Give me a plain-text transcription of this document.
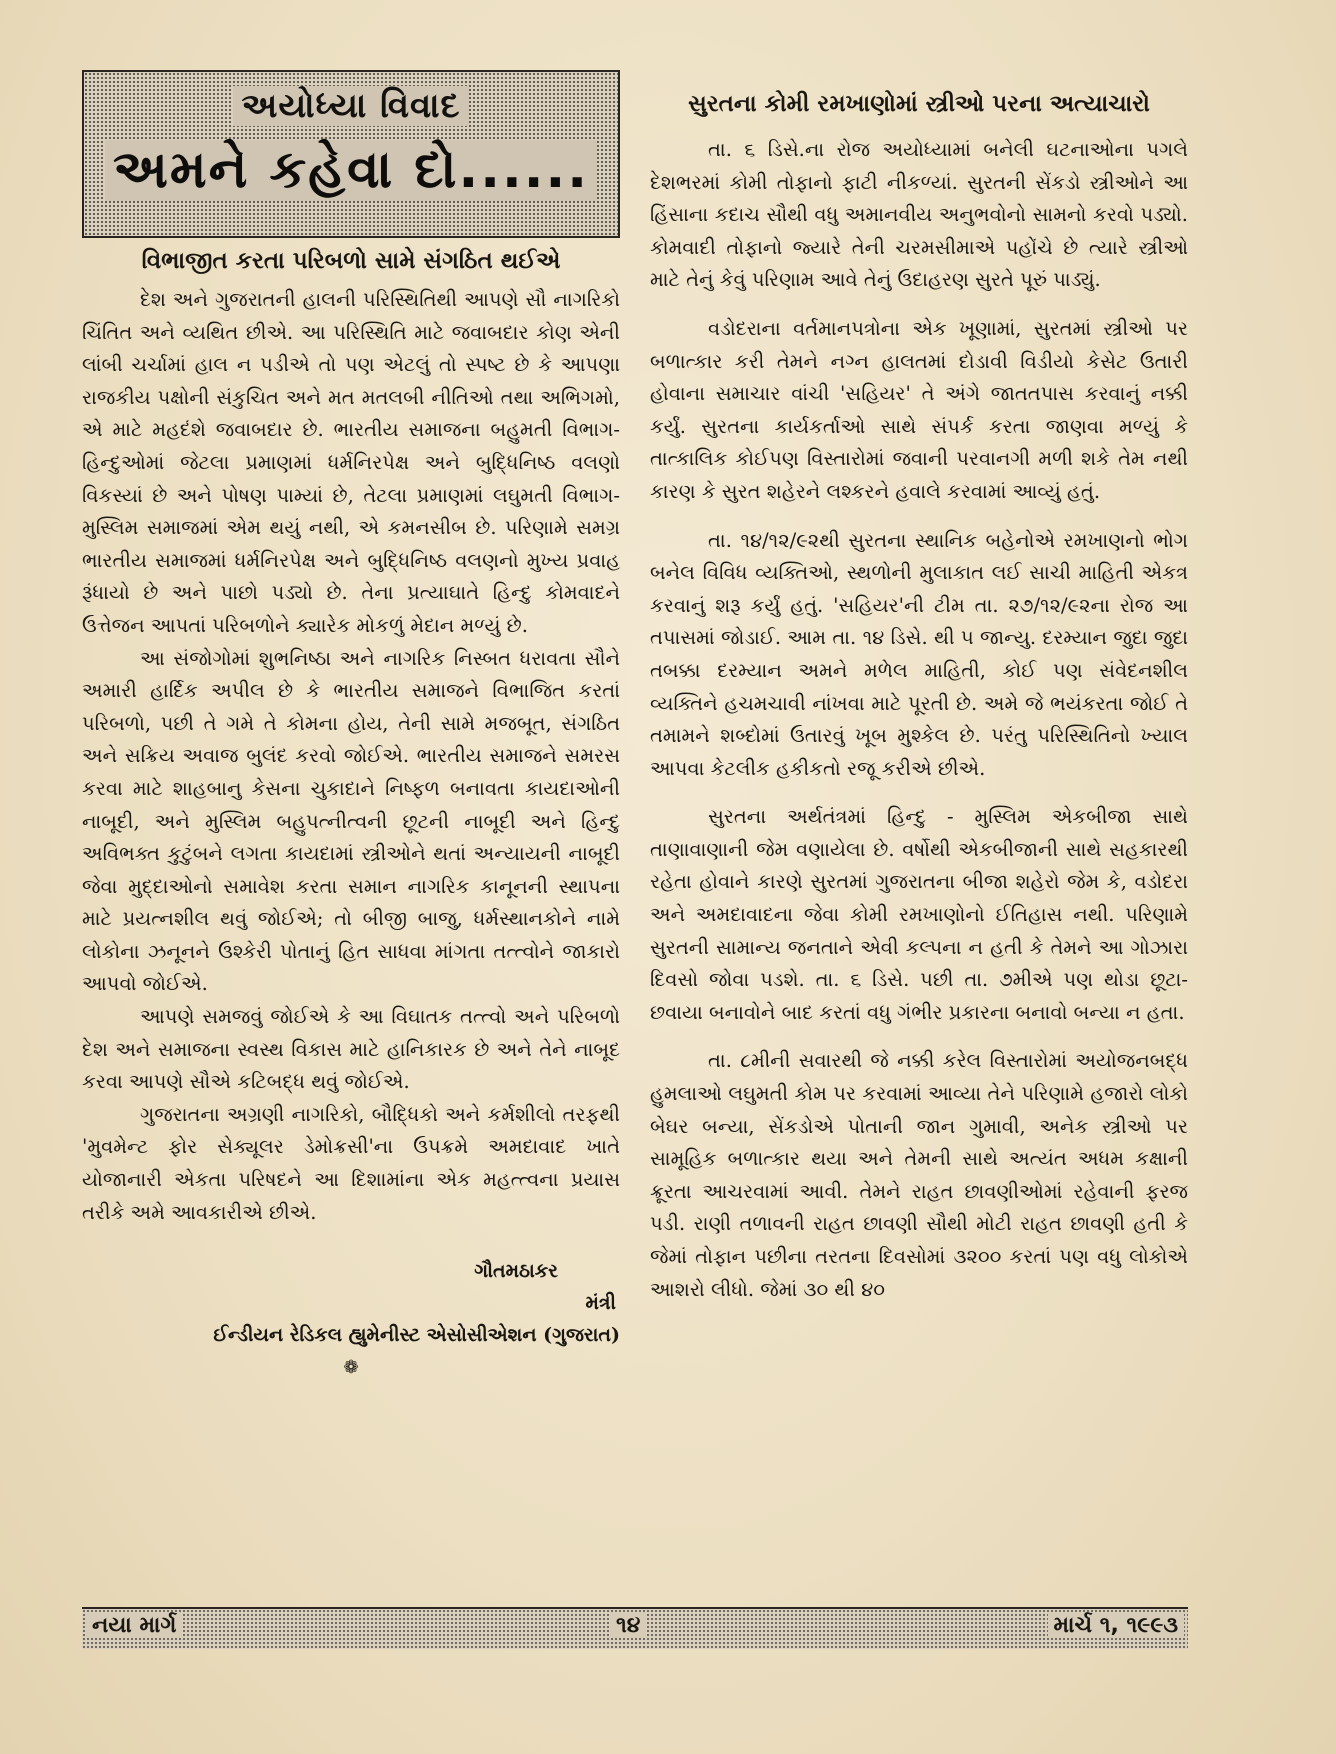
અયોધ્યા વિવાદ
અમને કહેવા દો......
વિભાજીત કરતા પરિબળો સામે સંગઠિત થઈએ

દેશ અને ગુજરાતની હાલની પરિસ્થિતિથી આપણે સૌ નાગરિકો ચિંતિત અને વ્યથિત છીએ. આ પરિસ્થિતિ માટે જવાબદાર કોણ એની લાંબી ચર્ચામાં હાલ ન પડીએ તો પણ એટલું તો સ્પષ્ટ છે કે આપણા રાજકીય પક્ષોની સંકુચિત અને મત મતલબી નીતિઓ તથા અભિગમો, એ માટે મહદંશે જવાબદાર છે. ભારતીય સમાજના બહુમતી વિભાગ-હિન્દુઓમાં જેટલા પ્રમાણમાં ધર્મનિરપેક્ષ અને બુદ્ધિનિષ્ઠ વલણો વિકસ્યાં છે અને પોષણ પામ્યાં છે, તેટલા પ્રમાણમાં લઘુમતી વિભાગ-મુસ્લિમ સમાજમાં એમ થયું નથી, એ કમનસીબ છે. પરિણામે સમગ્ર ભારતીય સમાજમાં ધર્મનિરપેક્ષ અને બુદ્ધિનિષ્ઠ વલણનો મુખ્ય પ્રવાહ રૂંધાયો છે અને પાછો પડ્યો છે. તેના પ્રત્યાઘાતે હિન્દુ કોમવાદને ઉત્તેજન આપતાં પરિબળોને ક્યારેક મોકળું મેદાન મળ્યું છે.

આ સંજોગોમાં શુભનિષ્ઠા અને નાગરિક નિસ્બત ધરાવતા સૌને અમારી હાર્દિક અપીલ છે કે ભારતીય સમાજને વિભાજિત કરતાં પરિબળો, પછી તે ગમે તે કોમના હોય, તેની સામે મજબૂત, સંગઠિત અને સક્રિય અવાજ બુલંદ કરવો જોઈએ. ભારતીય સમાજને સમરસ કરવા માટે શાહબાનુ કેસના ચુકાદાને નિષ્ફળ બનાવતા કાયદાઓની નાબૂદી, અને મુસ્લિમ બહુપત્નીત્વની છૂટની નાબૂદી અને હિન્દુ અવિભક્ત કુટુંબને લગતા કાયદામાં સ્ત્રીઓને થતાં અન્યાયની નાબૂદી જેવા મુદ્દાઓનો સમાવેશ કરતા સમાન નાગરિક કાનૂનની સ્થાપના માટે પ્રયત્નશીલ થવું જોઈએ; તો બીજી બાજુ, ધર્મસ્થાનકોને નામે લોકોના ઝનૂનને ઉશ્કેરી પોતાનું હિત સાધવા માંગતા તત્ત્વોને જાકારો આપવો જોઈએ.

આપણે સમજવું જોઈએ કે આ વિઘાતક તત્ત્વો અને પરિબળો દેશ અને સમાજના સ્વસ્થ વિકાસ માટે હાનિકારક છે અને તેને નાબૂદ કરવા આપણે સૌએ કટિબદ્ધ થવું જોઈએ.

ગુજરાતના અગ્રણી નાગરિકો, બૌદ્ધિકો અને કર્મશીલો તરફથી 'મુવમેન્ટ ફોર સેક્યૂલર ડેમોક્રસી'ના ઉપક્રમે અમદાવાદ ખાતે યોજાનારી એકતા પરિષદને આ દિશામાંના એક મહત્ત્વના પ્રયાસ તરીકે અમે આવકારીએ છીએ.

ગૌતમઠાકર
મંત્રી
ઈન્ડીયન રેડિકલ હ્યુમેનીસ્ટ એસોસીએશન (ગુજરાત)
❁
સુરતના કોમી રમખાણોમાં સ્ત્રીઓ પરના અત્યાચારો

તા. ૬ ડિસે.ના રોજ અયોધ્યામાં બનેલી ઘટનાઓના પગલે દેશભરમાં કોમી તોફાનો ફાટી નીકળ્યાં. સુરતની સેંકડો સ્ત્રીઓને આ હિંસાના કદાચ સૌથી વધુ અમાનવીય અનુભવોનો સામનો કરવો પડ્યો. કોમવાદી તોફાનો જ્યારે તેની ચરમસીમાએ પહોંચે છે ત્યારે સ્ત્રીઓ માટે તેનું કેવું પરિણામ આવે તેનું ઉદાહરણ સુરતે પૂરું પાડ્યું.

વડોદરાના વર્તમાનપત્રોના એક ખૂણામાં, સુરતમાં સ્ત્રીઓ પર બળાત્કાર કરી તેમને નગ્ન હાલતમાં દોડાવી વિડીયો કેસેટ ઉતારી હોવાના સમાચાર વાંચી 'સહિયર' તે અંગે જાતતપાસ કરવાનું નક્કી કર્યું. સુરતના કાર્યકર્તાઓ સાથે સંપર્ક કરતા જાણવા મળ્યું કે તાત્કાલિક કોઈપણ વિસ્તારોમાં જવાની પરવાનગી મળી શકે તેમ નથી કારણ કે સુરત શહેરને લશ્કરને હવાલે કરવામાં આવ્યું હતું.

તા. ૧૪/૧૨/૯૨થી સુરતના સ્થાનિક બહેનોએ રમખાણનો ભોગ બનેલ વિવિધ વ્યક્તિઓ, સ્થળોની મુલાકાત લઈ સાચી માહિતી એકત્ર કરવાનું શરૂ કર્યું હતું. 'સહિયર'ની ટીમ તા. ૨૭/૧૨/૯૨ના રોજ આ તપાસમાં જોડાઈ. આમ તા. ૧૪ ડિસે. થી ૫ જાન્યુ. દરમ્યાન જુદા જુદા તબક્કા દરમ્યાન અમને મળેલ માહિતી, કોઈ પણ સંવેદનશીલ વ્યક્તિને હચમચાવી નાંખવા માટે પૂરતી છે. અમે જે ભયંકરતા જોઈ તે તમામને શબ્દોમાં ઉતારવું ખૂબ મુશ્કેલ છે. પરંતુ પરિસ્થિતિનો ખ્યાલ આપવા કેટલીક હકીકતો રજૂ કરીએ છીએ.

સુરતના અર્થતંત્રમાં હિન્દુ - મુસ્લિમ એકબીજા સાથે તાણાવાણાની જેમ વણાયેલા છે. વર્ષોથી એકબીજાની સાથે સહકારથી રહેતા હોવાને કારણે સુરતમાં ગુજરાતના બીજા શહેરો જેમ કે, વડોદરા અને અમદાવાદના જેવા કોમી રમખાણોનો ઈતિહાસ નથી. પરિણામે સુરતની સામાન્ય જનતાને એવી કલ્પના ન હતી કે તેમને આ ગોઝારા દિવસો જોવા પડશે. તા. ૬ ડિસે. પછી તા. ૭મીએ પણ થોડા છૂટા-છવાયા બનાવોને બાદ કરતાં વધુ ગંભીર પ્રકારના બનાવો બન્યા ન હતા.

તા. ૮મીની સવારથી જે નક્કી કરેલ વિસ્તારોમાં અયોજનબદ્ધ હુમલાઓ લઘુમતી કોમ પર કરવામાં આવ્યા તેને પરિણામે હજારો લોકો બેઘર બન્યા, સેંકડોએ પોતાની જાન ગુમાવી, અનેક સ્ત્રીઓ પર સામૂહિક બળાત્કાર થયા અને તેમની સાથે અત્યંત અધમ કક્ષાની ક્રૂરતા આચરવામાં આવી. તેમને રાહત છાવણીઓમાં રહેવાની ફરજ પડી. રાણી તળાવની રાહત છાવણી સૌથી મોટી રાહત છાવણી હતી કે જેમાં તોફાન પછીના તરતના દિવસોમાં ૩૨૦૦ કરતાં પણ વધુ લોકોએ આશરો લીધો. જેમાં ૩૦ થી ૪૦

નયા માર્ગ	૧૪	માર્ચ ૧, ૧૯૯૩
